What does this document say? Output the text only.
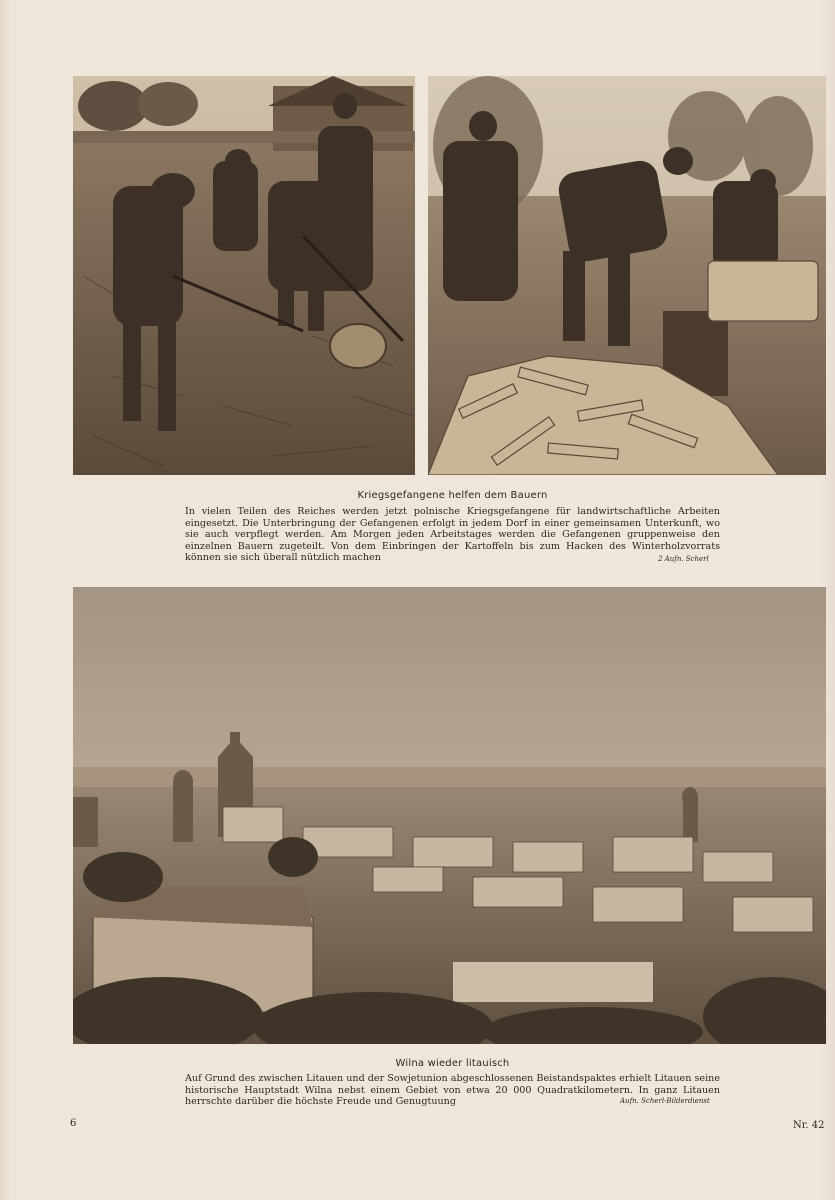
Kriegsgefangene helfen dem Bauern
In vielen Teilen des Reiches werden jetzt polnische Kriegsgefangene für landwirtschaftliche Arbeiten eingesetzt. Die Unterbringung der Gefangenen erfolgt in jedem Dorf in einer gemeinsamen Unterkunft, wo sie auch verpflegt werden. Am Morgen jeden Arbeitstages werden die Gefangenen gruppenweise den einzelnen Bauern zugeteilt. Von dem Einbringen der Kartoffeln bis zum Hacken des Winterholzvorrats können sie sich überall nützlich machen	2 Aufn. Scherl
Wilna wieder litauisch
Auf Grund des zwischen Litauen und der Sowjetunion abgeschlossenen Beistandspaktes erhielt Litauen seine historische Hauptstadt Wilna nebst einem Gebiet von etwa 20 000 Quadratkilometern. In ganz Litauen herrschte darüber die höchste Freude und Genugtuung	Aufn. Scherl-Bilderdienst
6	Nr. 42
